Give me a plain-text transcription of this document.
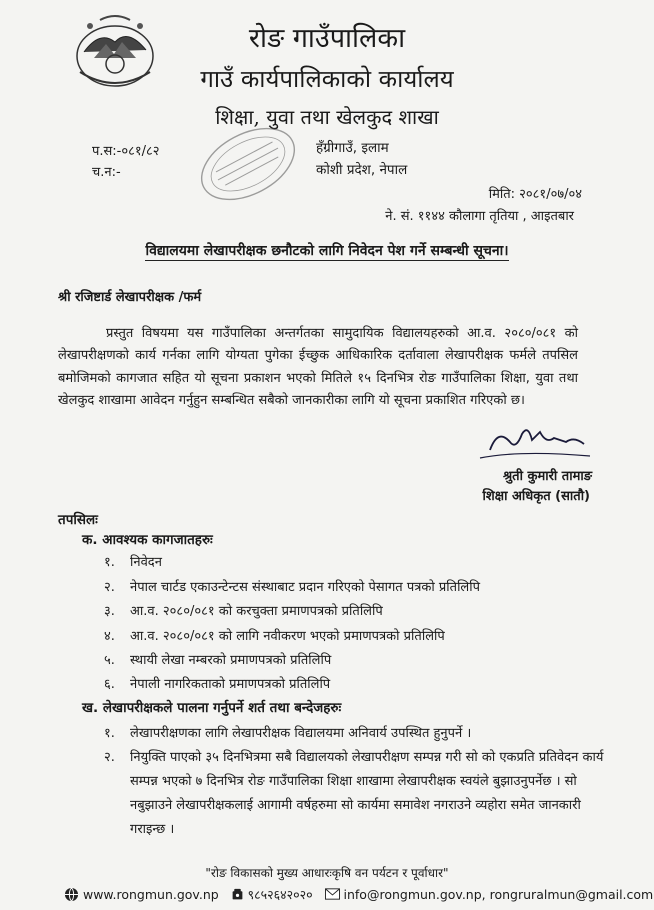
रोङ गाउँपालिका
गाउँ कार्यपालिकाको कार्यालय
शिक्षा, युवा तथा खेलकुद शाखा
प.स:-०८१/८२
च.न:-
हँग्रीगाउँ, इलाम
कोशी प्रदेश, नेपाल
मिति: २०८१/०७/०४
ने. सं. ११४४ कौलागा तृतिया , आइतबार
विद्यालयमा लेखापरीक्षक छनौटको लागि निवेदन पेश गर्ने सम्बन्धी सूचना।
श्री रजिष्टार्ड लेखापरीक्षक /फर्म
प्रस्तुत विषयमा यस गाउँपालिका अन्तर्गतका सामुदायिक विद्यालयहरुको आ.व. २०८०/०८१ को लेखापरीक्षणको कार्य गर्नका लागि योग्यता पुगेका ईच्छुक आधिकारिक दर्तावाला लेखापरीक्षक फर्मले तपसिल बमोजिमको कागजात सहित यो सूचना प्रकाशन भएको मितिले १५ दिनभित्र रोङ गाउँपालिका शिक्षा, युवा तथा खेलकुद शाखामा आवेदन गर्नुहुन सम्बन्धित सबैको जानकारीका लागि यो सूचना प्रकाशित गरिएको छ।
श्रुती कुमारी तामाङ
शिक्षा अधिकृत (सातौ)
तपसिलः
क. आवश्यक कागजातहरुः
१. निवेदन
२. नेपाल चार्टड एकाउन्टेन्टस संस्थाबाट प्रदान गरिएको पेसागत पत्रको प्रतिलिपि
३. आ.व. २०८०/०८१ को करचुक्ता प्रमाणपत्रको प्रतिलिपि
४. आ.व. २०८०/०८१ को लागि नवीकरण भएको प्रमाणपत्रको प्रतिलिपि
५. स्थायी लेखा नम्बरको प्रमाणपत्रको प्रतिलिपि
६. नेपाली नागरिकताको प्रमाणपत्रको प्रतिलिपि
ख. लेखापरीक्षकले पालना गर्नुपर्ने शर्त तथा बन्देजहरुः
१.	लेखापरीक्षणका लागि लेखापरीक्षक विद्यालयमा अनिवार्य उपस्थित हुनुपर्ने ।
२.	नियुक्ति पाएको ३५ दिनभित्रमा सबै विद्यालयको लेखापरीक्षण सम्पन्न गरी सो को एकप्रति प्रतिवेदन कार्य सम्पन्न भएको ७ दिनभित्र रोङ गाउँपालिका शिक्षा शाखामा लेखापरीक्षक स्वयंले बुझाउनुपर्नेछ । सो नबुझाउने लेखापरीक्षकलाई आगामी वर्षहरुमा सो कार्यमा समावेश नगराउने व्यहोरा समेत जानकारी गराइन्छ ।
"रोङ विकासको मुख्य आधारःकृषि वन पर्यटन र पूर्वाधार"
www.rongmun.gov.np ९८५२६४२०२० info@rongmun.gov.np, rongruralmun@gmail.com
